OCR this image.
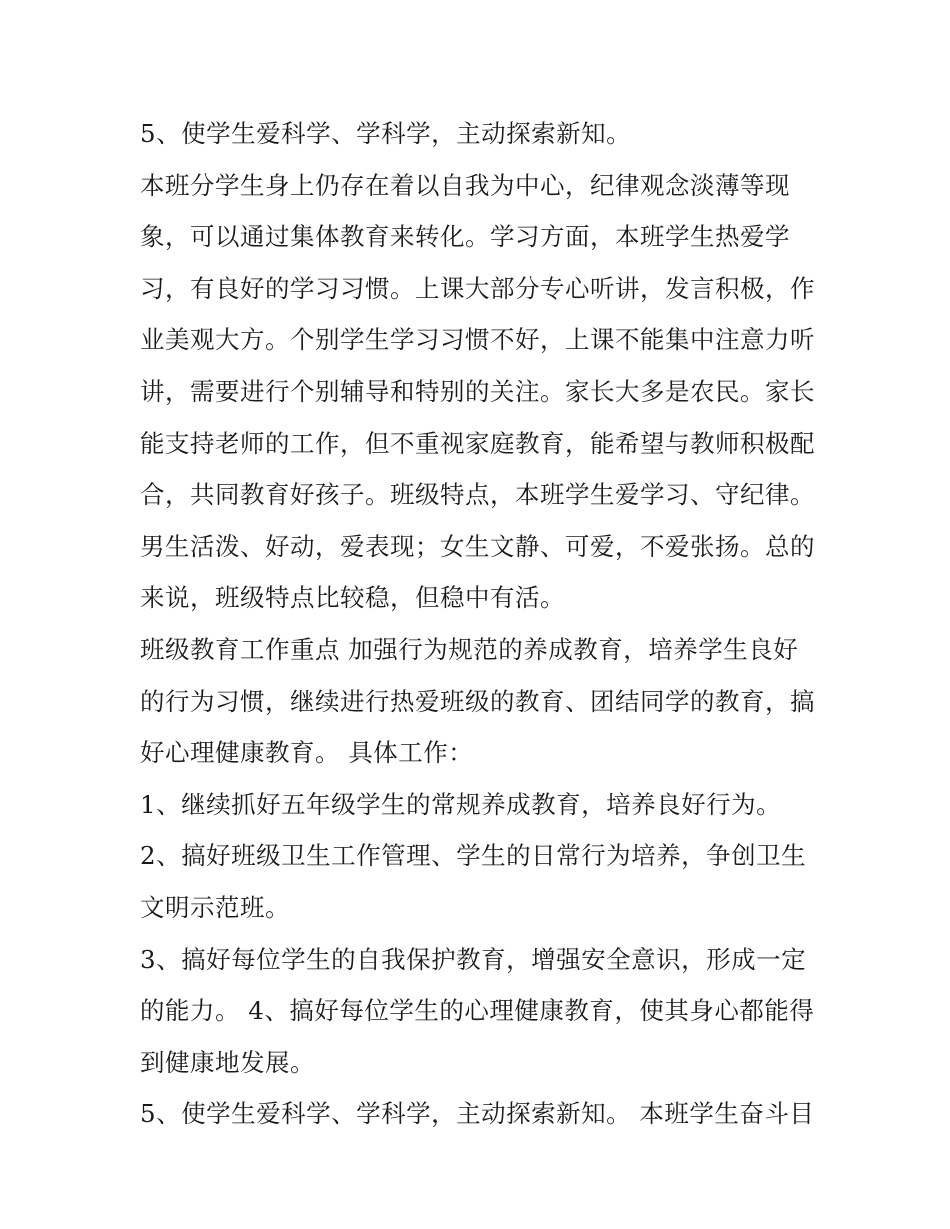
5、使学生爱科学、学科学，主动探索新知。

本班分学生身上仍存在着以自我为中心，纪律观念淡薄等现象，可以通过集体教育来转化。学习方面，本班学生热爱学习，有良好的学习习惯。上课大部分专心听讲，发言积极，作业美观大方。个别学生学习习惯不好，上课不能集中注意力听讲，需要进行个别辅导和特别的关注。家长大多是农民。家长能支持老师的工作，但不重视家庭教育，能希望与教师积极配合，共同教育好孩子。班级特点，本班学生爱学习、守纪律。男生活泼、好动，爱表现；女生文静、可爱，不爱张扬。总的来说，班级特点比较稳，但稳中有活。

班级教育工作重点 加强行为规范的养成教育，培养学生良好的行为习惯，继续进行热爱班级的教育、团结同学的教育，搞好心理健康教育。 具体工作：

1、继续抓好五年级学生的常规养成教育，培养良好行为。

2、搞好班级卫生工作管理、学生的日常行为培养，争创卫生文明示范班。

3、搞好每位学生的自我保护教育，增强安全意识，形成一定的能力。 4、搞好每位学生的心理健康教育，使其身心都能得到健康地发展。

5、使学生爱科学、学科学，主动探索新知。 本班学生奋斗目
